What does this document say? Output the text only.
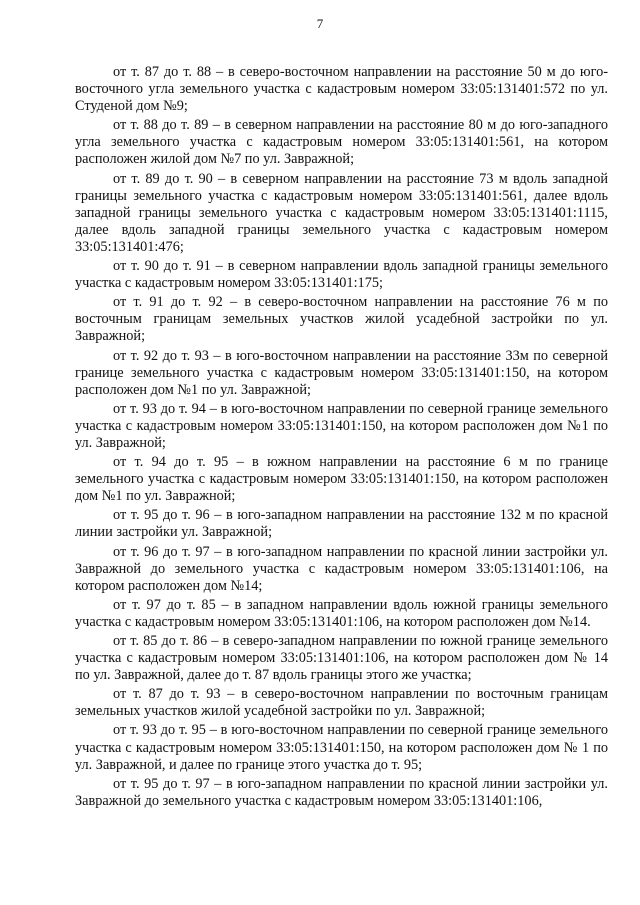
7

от т. 87 до т. 88 – в северо-восточном направлении на расстояние 50 м до юго-восточного угла земельного участка с кадастровым номером 33:05:131401:572 по ул. Студеной дом №9;

от т. 88 до т. 89 – в северном направлении на расстояние 80 м до юго-западного угла земельного участка с кадастровым номером 33:05:131401:561, на котором расположен жилой дом №7 по ул. Завражной;

от т. 89 до т. 90 – в северном направлении на расстояние 73 м вдоль западной границы земельного участка с кадастровым номером 33:05:131401:561, далее вдоль западной границы земельного участка с кадастровым номером 33:05:131401:1115, далее вдоль западной границы земельного участка с кадастровым номером 33:05:131401:476;

от т. 90 до т. 91 – в северном направлении вдоль западной границы земельного участка с кадастровым номером 33:05:131401:175;

от т. 91 до т. 92 – в северо-восточном направлении на расстояние 76 м по восточным границам земельных участков жилой усадебной застройки по ул. Завражной;

от т. 92 до т. 93 – в юго-восточном направлении на расстояние 33м по северной границе земельного участка с кадастровым номером 33:05:131401:150, на котором расположен дом №1 по ул. Завражной;

от т. 93 до т. 94 – в юго-восточном направлении по северной границе земельного участка с кадастровым номером 33:05:131401:150, на котором расположен дом №1 по ул. Завражной;

от т. 94 до т. 95 – в южном направлении на расстояние 6 м по границе земельного участка с кадастровым номером 33:05:131401:150, на котором расположен дом №1 по ул. Завражной;

от т. 95 до т. 96 – в юго-западном направлении на расстояние 132 м по красной линии застройки ул. Завражной;

от т. 96 до т. 97 – в юго-западном направлении по красной линии застройки ул. Завражной до земельного участка с кадастровым номером 33:05:131401:106, на котором расположен дом №14;

от т. 97 до т. 85 – в западном направлении вдоль южной границы земельного участка с кадастровым номером 33:05:131401:106, на котором расположен дом №14.

от т. 85 до т. 86 – в северо-западном направлении по южной границе земельного участка с кадастровым номером 33:05:131401:106, на котором расположен дом № 14 по ул. Завражной, далее до т. 87 вдоль границы этого же участка;

от т. 87 до т. 93 – в северо-восточном направлении по восточным границам земельных участков жилой усадебной застройки по ул. Завражной;

от т. 93 до т. 95 – в юго-восточном направлении по северной границе земельного участка с кадастровым номером 33:05:131401:150, на котором расположен дом № 1 по ул. Завражной, и далее по границе этого участка до т. 95;

от т. 95 до т. 97 – в юго-западном направлении по красной линии застройки ул. Завражной до земельного участка с кадастровым номером 33:05:131401:106,
